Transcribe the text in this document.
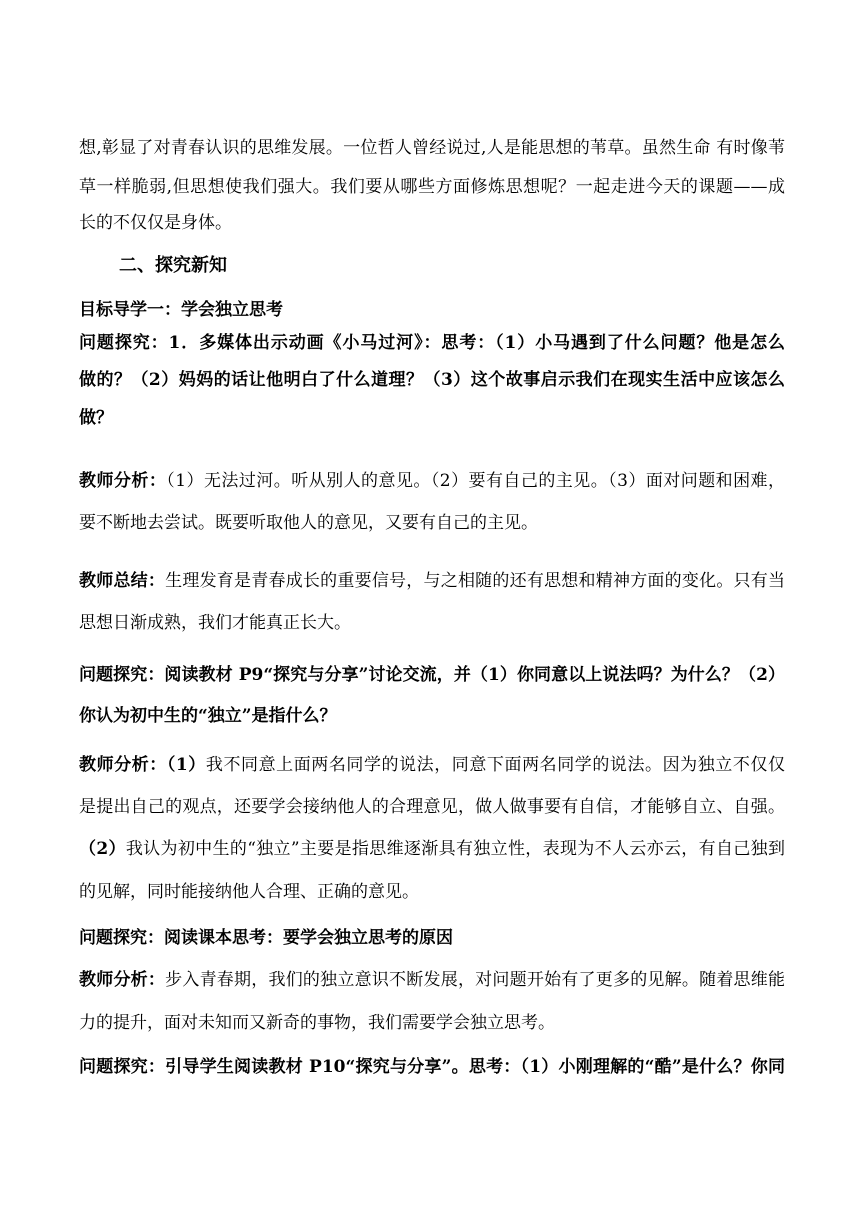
想,彰显了对青春认识的思维发展。一位哲人曾经说过,人是能思想的苇草。虽然生命 有时像苇
草一样脆弱,但思想使我们强大。我们要从哪些方面修炼思想呢？一起走进今天的课题——成
长的不仅仅是身体。
二、探究新知
目标导学一：学会独立思考
问题探究：1．多媒体出示动画《小马过河》：思考：（1）小马遇到了什么问题？他是怎么
做的？（2）妈妈的话让他明白了什么道理？（3）这个故事启示我们在现实生活中应该怎么
做？
教师分析：（1）无法过河。听从别人的意见。（2）要有自己的主见。（3）面对问题和困难，
要不断地去尝试。既要听取他人的意见，又要有自己的主见。
教师总结：生理发育是青春成长的重要信号，与之相随的还有思想和精神方面的变化。只有当
思想日渐成熟，我们才能真正长大。
问题探究：阅读教材 P9“探究与分享”讨论交流，并（1）你同意以上说法吗？为什么？（2）
你认为初中生的“独立”是指什么？
教师分析：（1）我不同意上面两名同学的说法，同意下面两名同学的说法。因为独立不仅仅
是提出自己的观点，还要学会接纳他人的合理意见，做人做事要有自信，才能够自立、自强。
（2）我认为初中生的“独立”主要是指思维逐渐具有独立性，表现为不人云亦云，有自己独到
的见解，同时能接纳他人合理、正确的意见。
问题探究：阅读课本思考：要学会独立思考的原因
教师分析：步入青春期，我们的独立意识不断发展，对问题开始有了更多的见解。随着思维能
力的提升，面对未知而又新奇的事物，我们需要学会独立思考。
问题探究：引导学生阅读教材 P10“探究与分享”。思考：（1）小刚理解的“酷”是什么？你同
